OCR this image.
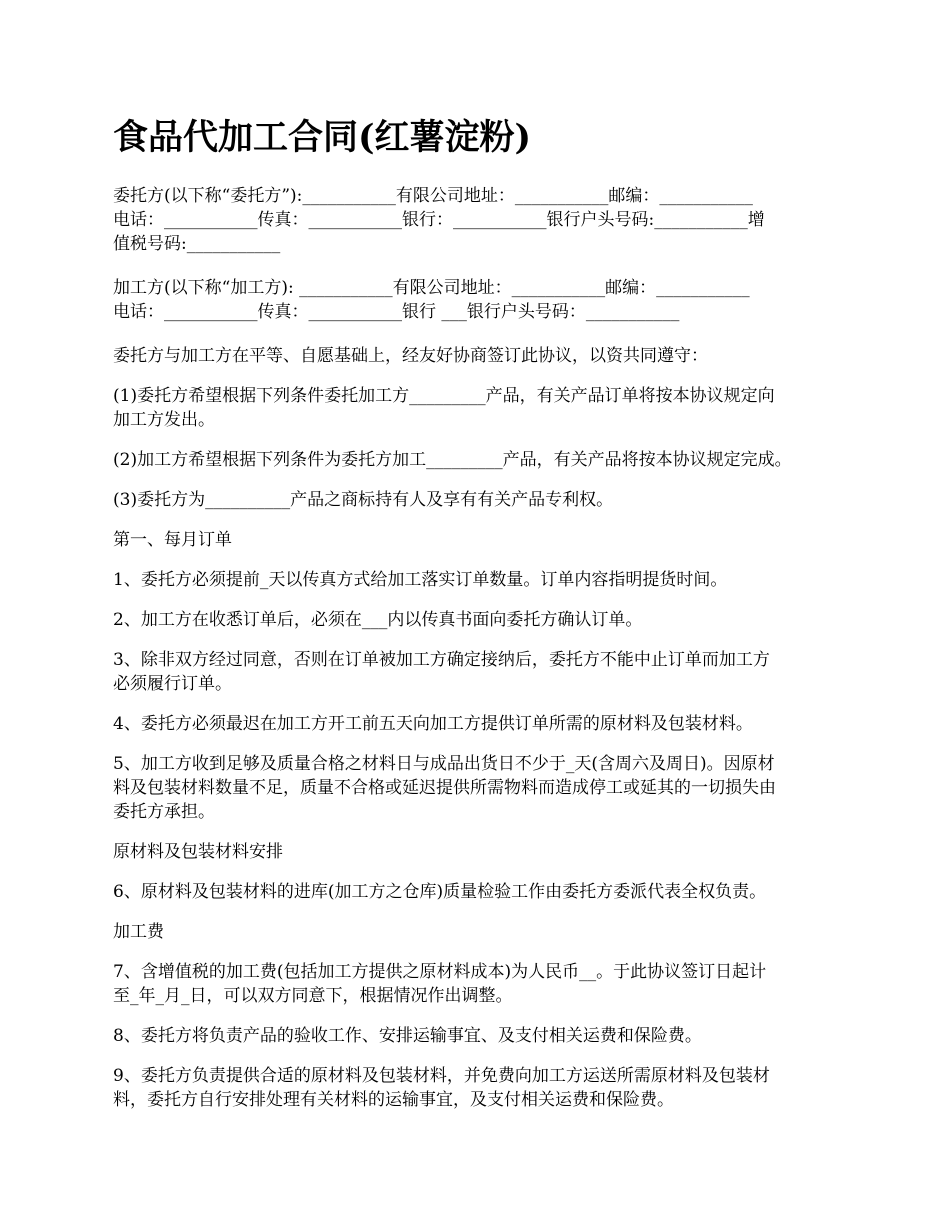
食品代加工合同(红薯淀粉)
委托方(以下称“委托方”):___________有限公司地址：___________邮编：___________
电话：___________传真：___________银行：___________银行户头号码:___________增
值税号码:___________
加工方(以下称“加工方): ___________有限公司地址：___________邮编：___________
电话：___________传真：___________银行 ___银行户头号码：___________
委托方与加工方在平等、自愿基础上，经友好协商签订此协议，以资共同遵守：
(1)委托方希望根据下列条件委托加工方_________产品，有关产品订单将按本协议规定向
加工方发出。
(2)加工方希望根据下列条件为委托方加工_________产品，有关产品将按本协议规定完成。
(3)委托方为__________产品之商标持有人及享有有关产品专利权。
第一、每月订单
1、委托方必须提前_天以传真方式给加工落实订单数量。订单内容指明提货时间。
2、加工方在收悉订单后，必须在___内以传真书面向委托方确认订单。
3、除非双方经过同意，否则在订单被加工方确定接纳后，委托方不能中止订单而加工方
必须履行订单。
4、委托方必须最迟在加工方开工前五天向加工方提供订单所需的原材料及包装材料。
5、加工方收到足够及质量合格之材料日与成品出货日不少于_天(含周六及周日)。因原材
料及包装材料数量不足，质量不合格或延迟提供所需物料而造成停工或延其的一切损失由
委托方承担。
原材料及包装材料安排
6、原材料及包装材料的进库(加工方之仓库)质量检验工作由委托方委派代表全权负责。
加工费
7、含增值税的加工费(包括加工方提供之原材料成本)为人民币__。于此协议签订日起计
至_年_月_日，可以双方同意下，根据情况作出调整。
8、委托方将负责产品的验收工作、安排运输事宜、及支付相关运费和保险费。
9、委托方负责提供合适的原材料及包装材料，并免费向加工方运送所需原材料及包装材
料，委托方自行安排处理有关材料的运输事宜，及支付相关运费和保险费。
